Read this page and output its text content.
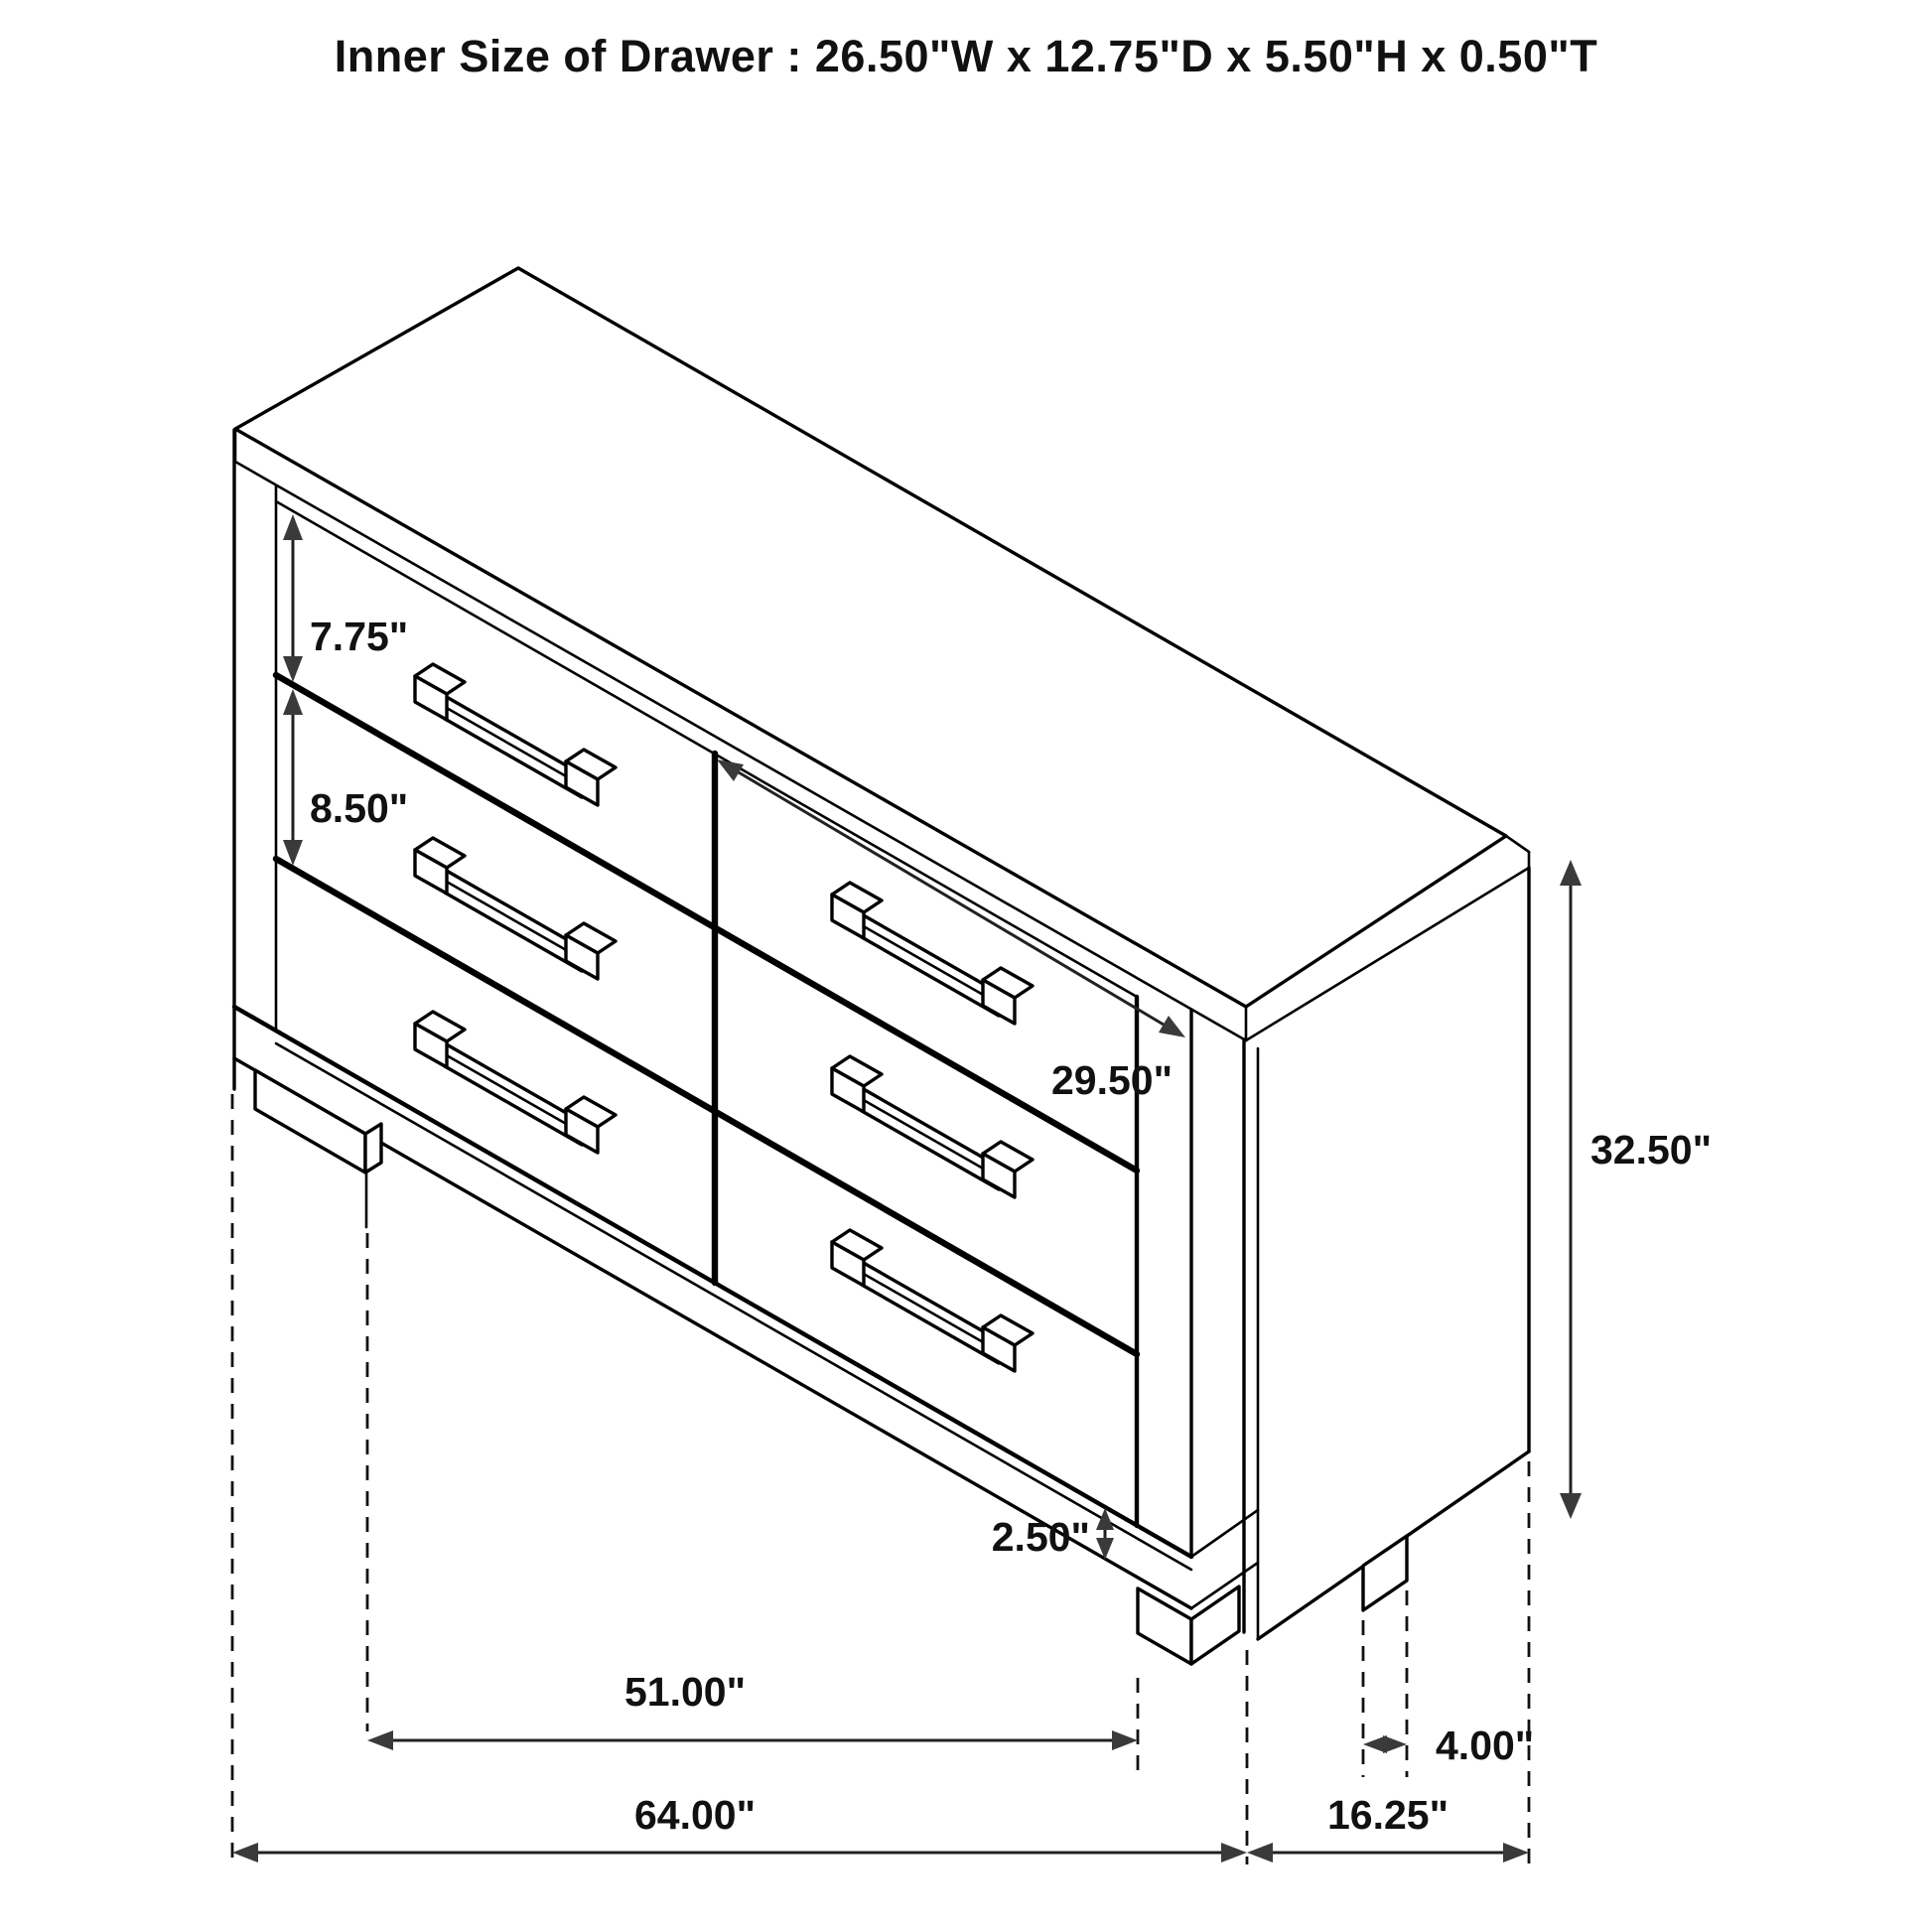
7.75"
8.50"
29.50"
32.50"
2.50"
51.00"
64.00"	16.25"
4.00"
Inner Size of Drawer : 26.50"W x 12.75"D x 5.50"H x 0.50"T
